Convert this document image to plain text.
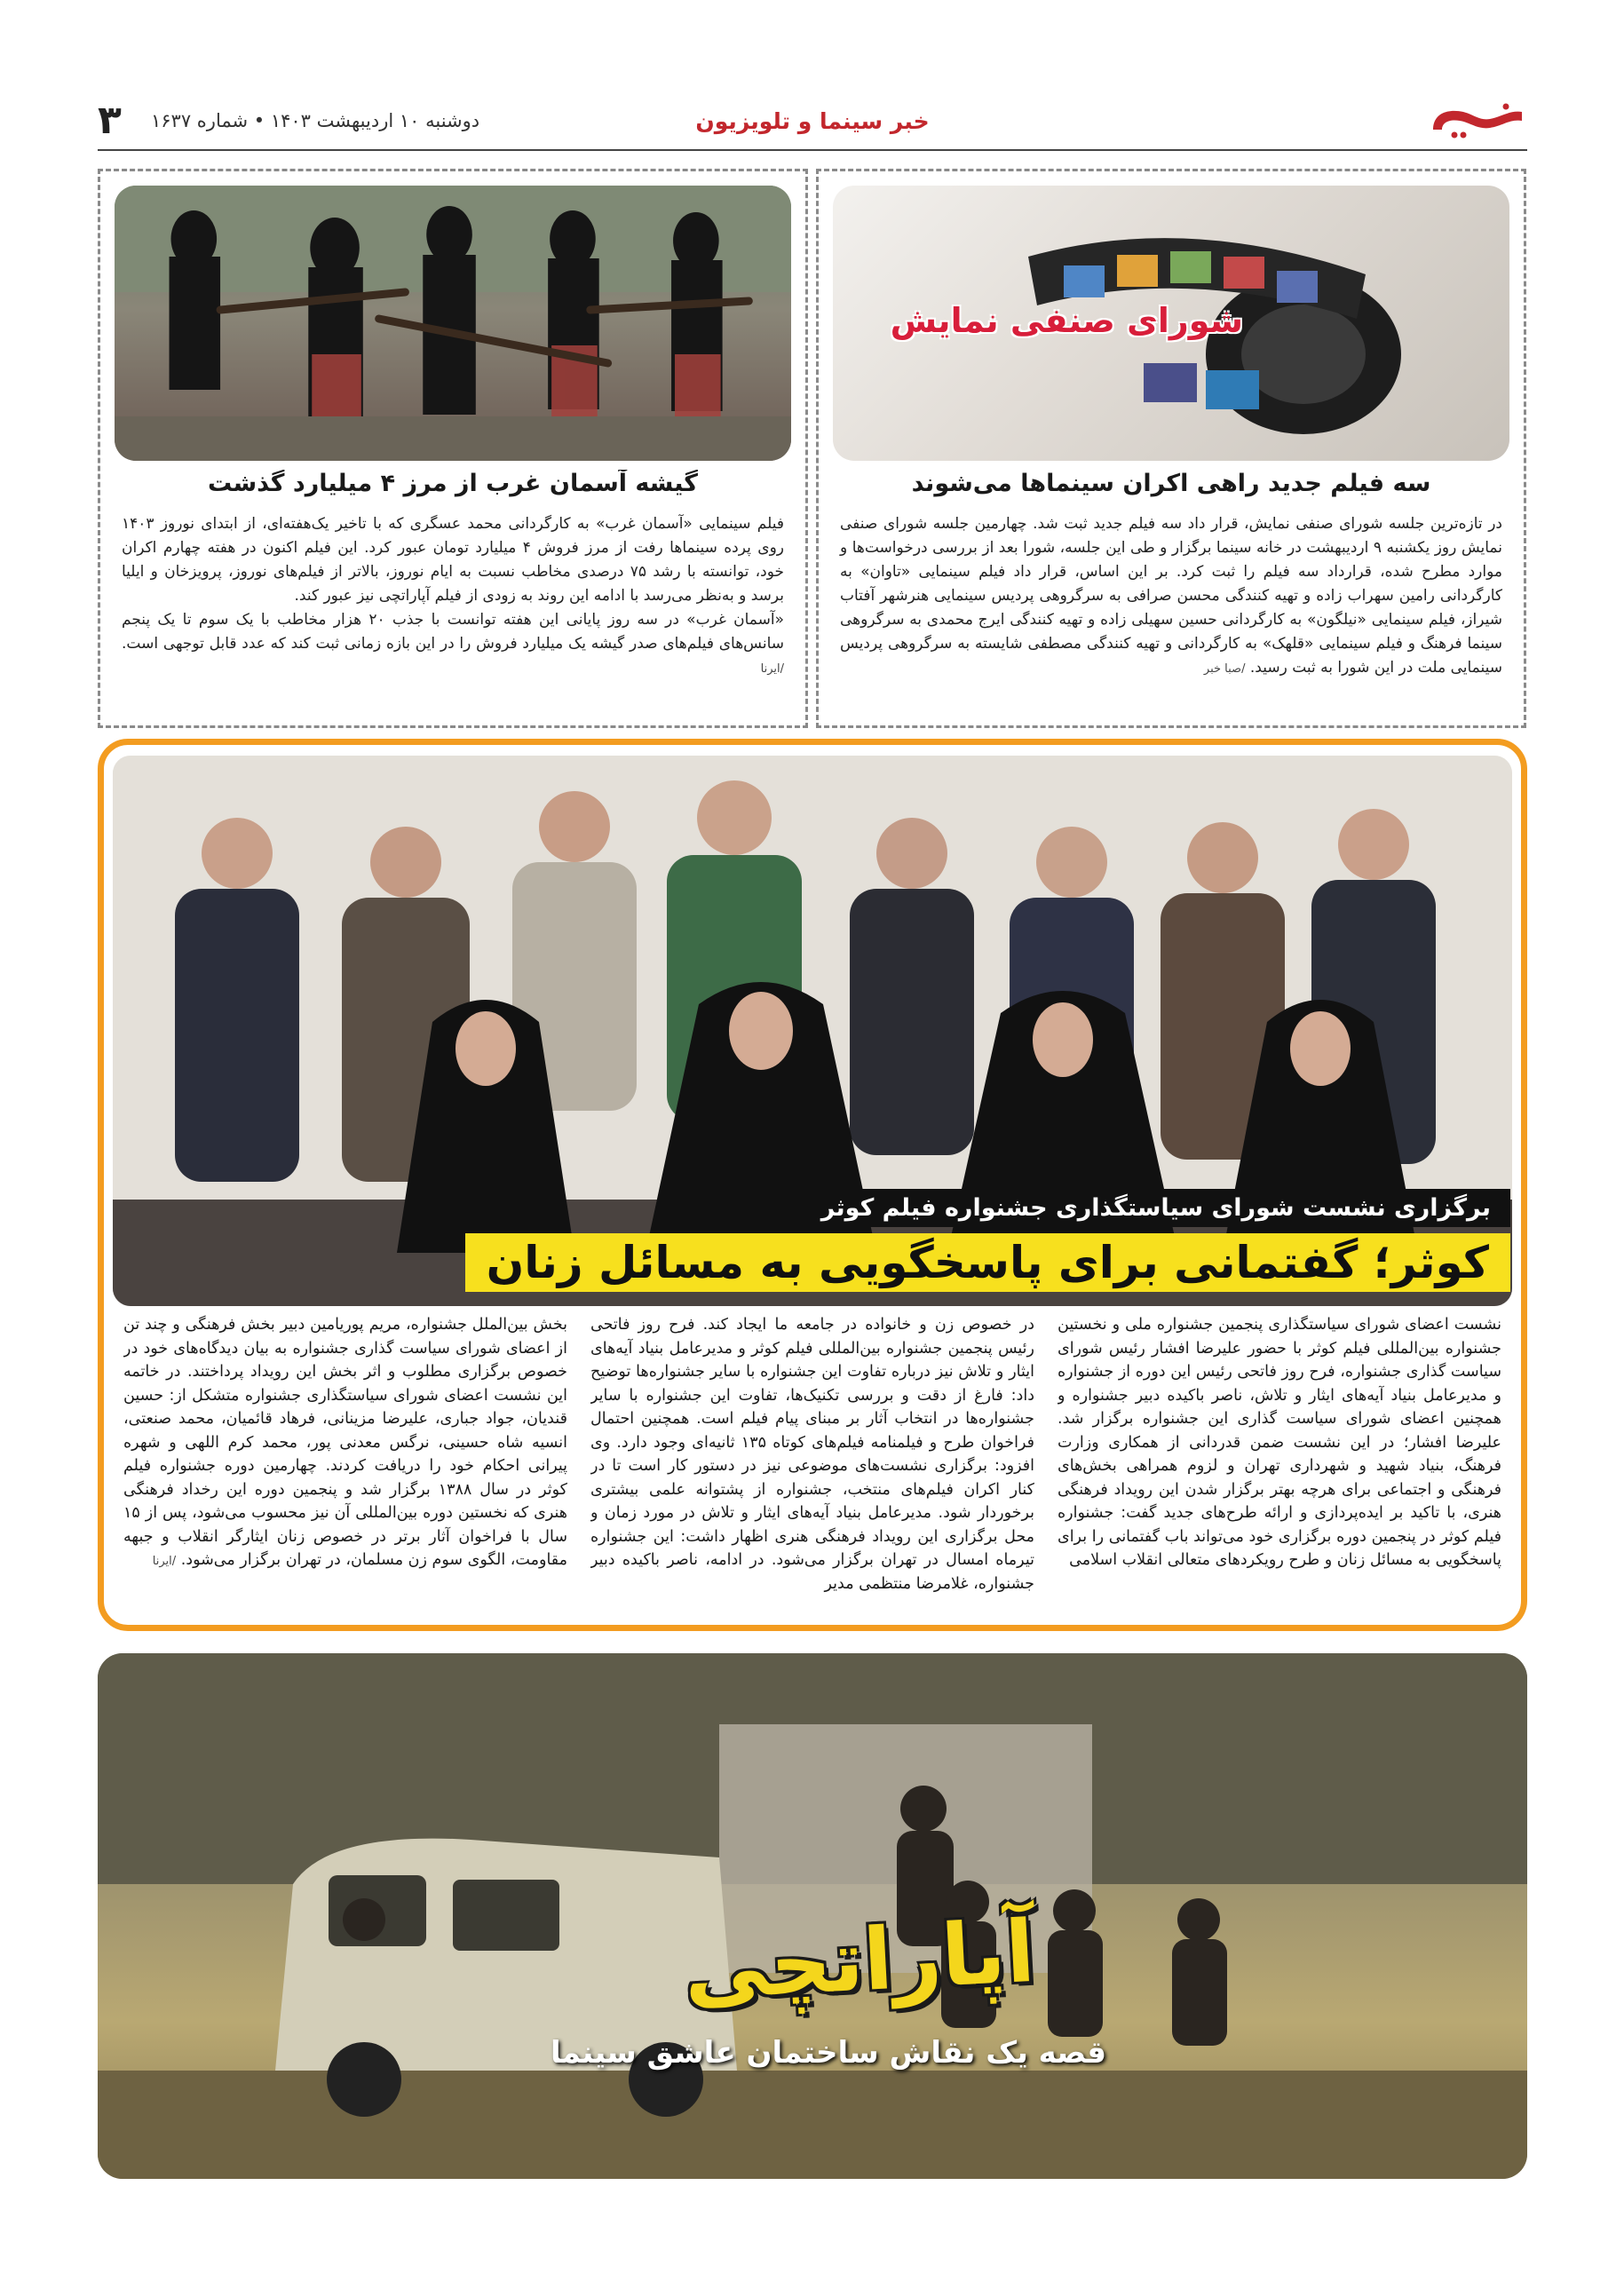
خبر سینما و تلویزیون
دوشنبه ۱۰ اردیبهشت ۱۴۰۳ • شماره ۱۶۳۷
۳
شورای صنفی نمایش
سه فیلم جدید راهی اکران سینماها می‌شوند

در تازه‌ترین جلسه شورای صنفی نمایش، قرار داد سه فیلم جدید ثبت شد. چهارمین جلسه شورای صنفی نمایش روز یکشنبه ۹ اردیبهشت در خانه سینما برگزار و طی این جلسه، شورا بعد از بررسی درخواست‌ها و موارد مطرح شده، قرارداد سه فیلم را ثبت کرد. بر این اساس، قرار داد فیلم سینمایی «تاوان» به کارگردانی رامین سهراب زاده و تهیه کنندگی محسن صرافی به سرگروهی پردیس سینمایی هنرشهر آفتاب شیراز، فیلم سینمایی «نیلگون» به کارگردانی حسین سهیلی زاده و تهیه کنندگی ایرج محمدی به سرگروهی سینما فرهنگ و فیلم سینمایی «قلهک» به کارگردانی و تهیه کنندگی مصطفی شایسته به سرگروهی پردیس سینمایی ملت در این شورا به ثبت رسید. /صبا خبر

گیشه آسمان غرب از مرز ۴ میلیارد گذشت

فیلم سینمایی «آسمان غرب» به کارگردانی محمد عسگری که با تاخیر یک‌هفته‌ای، از ابتدای نوروز ۱۴۰۳ روی پرده سینماها رفت از مرز فروش ۴ میلیارد تومان عبور کرد. این فیلم اکنون در هفته چهارم اکران خود، توانسته با رشد ۷۵ درصدی مخاطب نسبت به ایام نوروز، بالاتر از فیلم‌های نوروز، پرویزخان و ایلیا برسد و به‌نظر می‌رسد با ادامه این روند به زودی از فیلم آپاراتچی نیز عبور کند.

«آسمان غرب» در سه روز پایانی این هفته توانست با جذب ۲۰ هزار مخاطب با یک سوم تا یک پنجم سانس‌های فیلم‌های صدر گیشه یک میلیارد فروش را در این بازه زمانی ثبت کند که عدد قابل توجهی است. /ایرنا

برگزاری نشست شورای سیاستگذاری جشنواره فیلم کوثر
کوثر؛ گفتمانی برای پاسخگویی به مسائل زنان
نشست اعضای شورای سیاستگذاری پنجمین جشنواره ملی و نخستین جشنواره بین‌المللی فیلم کوثر با حضور علیرضا افشار رئیس شورای سیاست گذاری جشنواره، فرح روز فاتحی رئیس این دوره از جشنواره و مدیرعامل بنیاد آیه‌های ایثار و تلاش، ناصر باکیده دبیر جشنواره و همچنین اعضای شورای سیاست گذاری این جشنواره برگزار شد. علیرضا افشار؛ در این نشست ضمن قدردانی از همکاری وزارت فرهنگ، بنیاد شهید و شهرداری تهران و لزوم همراهی بخش‌های فرهنگی و اجتماعی برای هرچه بهتر برگزار شدن این رویداد فرهنگی هنری، با تاکید بر ایده‌پردازی و ارائه طرح‌های جدید گفت: جشنواره فیلم کوثر در پنجمین دوره برگزاری خود می‌تواند باب گفتمانی را برای پاسخگویی به مسائل زنان و طرح رویکردهای متعالی انقلاب اسلامی
در خصوص زن و خانواده در جامعه ما ایجاد کند. فرح روز فاتحی رئیس پنجمین جشنواره بین‌المللی فیلم کوثر و مدیرعامل بنیاد آیه‌های ایثار و تلاش نیز درباره تفاوت این جشنواره با سایر جشنواره‌ها توضیح داد: فارغ از دقت و بررسی تکنیک‌ها، تفاوت این جشنواره با سایر جشنواره‌ها در انتخاب آثار بر مبنای پیام فیلم است. همچنین احتمال فراخوان طرح و فیلمنامه فیلم‌های کوتاه ۱۳۵ ثانیه‌ای وجود دارد. وی افزود: برگزاری نشست‌های موضوعی نیز در دستور کار است تا در کنار اکران فیلم‌های منتخب، جشنواره از پشتوانه علمی بیشتری برخوردار شود. مدیرعامل بنیاد آیه‌های ایثار و تلاش در مورد زمان و محل برگزاری این رویداد فرهنگی هنری اظهار داشت: این جشنواره تیرماه امسال در تهران برگزار می‌شود. در ادامه، ناصر باکیده دبیر جشنواره، غلامرضا منتظمی مدیر
بخش بین‌الملل جشنواره، مریم پوریامین دبیر بخش فرهنگی و چند تن از اعضای شورای سیاست گذاری جشنواره به بیان دیدگاه‌های خود در خصوص برگزاری مطلوب و اثر بخش این رویداد پرداختند. در خاتمه این نشست اعضای شورای سیاستگذاری جشنواره متشکل از: حسین قندیان، جواد جباری، علیرضا مزینانی، فرهاد قائمیان، محمد صنعتی، انسیه شاه حسینی، نرگس معدنی پور، محمد کرم اللهی و شهره پیرانی احکام خود را دریافت کردند. چهارمین دوره جشنواره فیلم کوثر در سال ۱۳۸۸ برگزار شد و پنجمین دوره این رخداد فرهنگی هنری که نخستین دوره بین‌المللی آن نیز محسوب می‌شود، پس از ۱۵ سال با فراخوان آثار برتر در خصوص زنان ایثارگر انقلاب و جبهه مقاومت، الگوی سوم زن مسلمان، در تهران برگزار می‌شود. /ایرنا
آپاراتچی
قصه یک نقاش ساختمان عاشق سینما
